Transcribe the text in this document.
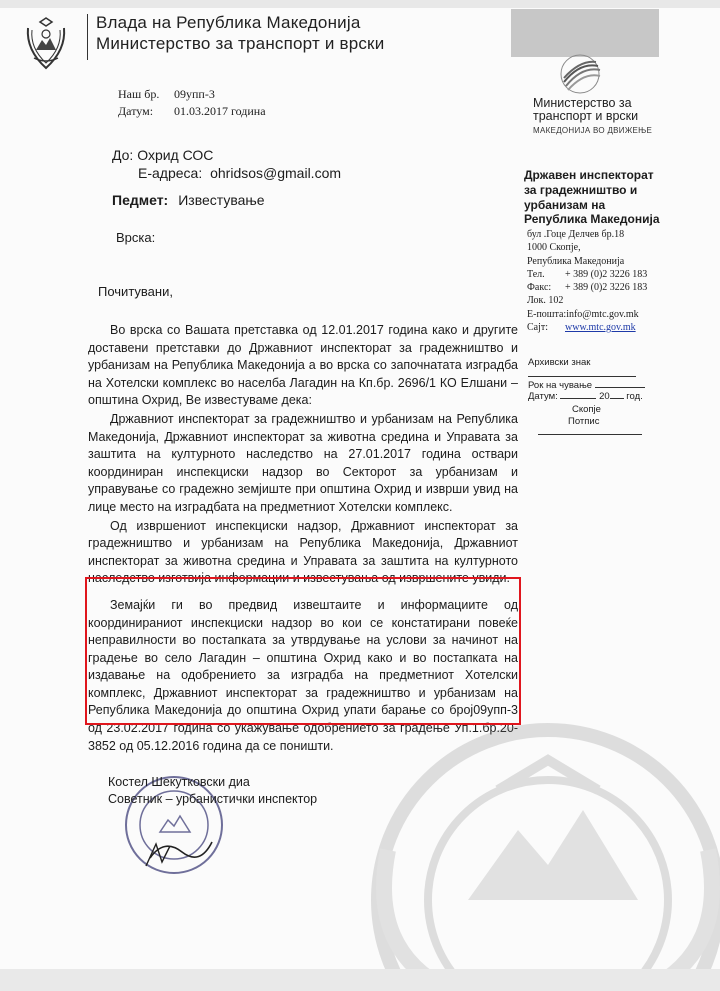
Влада на Република Македонија
Министерство за транспорт и врски
Наш бр. 09упп-3
Датум: 01.03.2017 година
До: Охрид СОС
Е-адреса: ohridsos@gmail.com
Педмет: Известување
Врска:
Почитувани,

Во врска со Вашата претставка од 12.01.2017 година како и другите доставени претставки до Државниот инспекторат за градежништво и урбанизам на Република Македонија а во врска со започнатата изградба на Хотелски комплекс во населба Лагадин на Кп.бр. 2696/1 КО Елшани – општина Охрид, Ве известуваме дека:

Државниот инспекторат за градежништво и урбанизам на Република Македонија, Државниот инспекторат за животна средина и Управата за заштита на културното наследство на 27.01.2017 година оствари координиран инспекциски надзор во Секторот за урбанизам и управување со градежно земјиште при општина Охрид и изврши увид на лице место на изградбата на предметниот Хотелски комплекс.

Од извршениот инспекциски надзор, Државниот инспекторат за градежништво и урбанизам на Република Македонија, Државниот инспекторат за животна средина и Управата за заштита на културното наследство изготвија информации и известувања од извршените увиди.

Земајќи ги во предвид извештаите и информациите од координираниот инспекциски надзор во кои се констатирани повеќе неправилности во постапката за утврдување на услови за начинот на градење во село Лагадин – општина Охрид како и во постапката на издавање на одобрението за изградба на предметниот Хотелски комплекс, Државниот инспекторат за градежништво и урбанизам на Република Македонија до општина Охрид упати барање со број09упп-3 од 23.02.2017 година со укажување одобрението за градење Уп.1.бр.20-3852 од 05.12.2016 година да се поништи.

Костел Шекутковски диа
Советник – урбанистички инспектор
Министерство за
транспорт и врски
МАКЕДОНИЈА ВО ДВИЖЕЊЕ
Државен инспекторат
за градежништво и
урбанизам на
Република Македонија
бул .Гоце Делчев бр.18
1000 Скопје,
Република Македонија
Тел. + 389 (0)2 3226 183
Факс: + 389 (0)2 3226 183
Лок. 102
Е-пошта:info@mtc.gov.mk
Сајт: www.mtc.gov.mk
Архивски знак
Рок на чување
Датум:	20 год.
Скопје
Потпис
